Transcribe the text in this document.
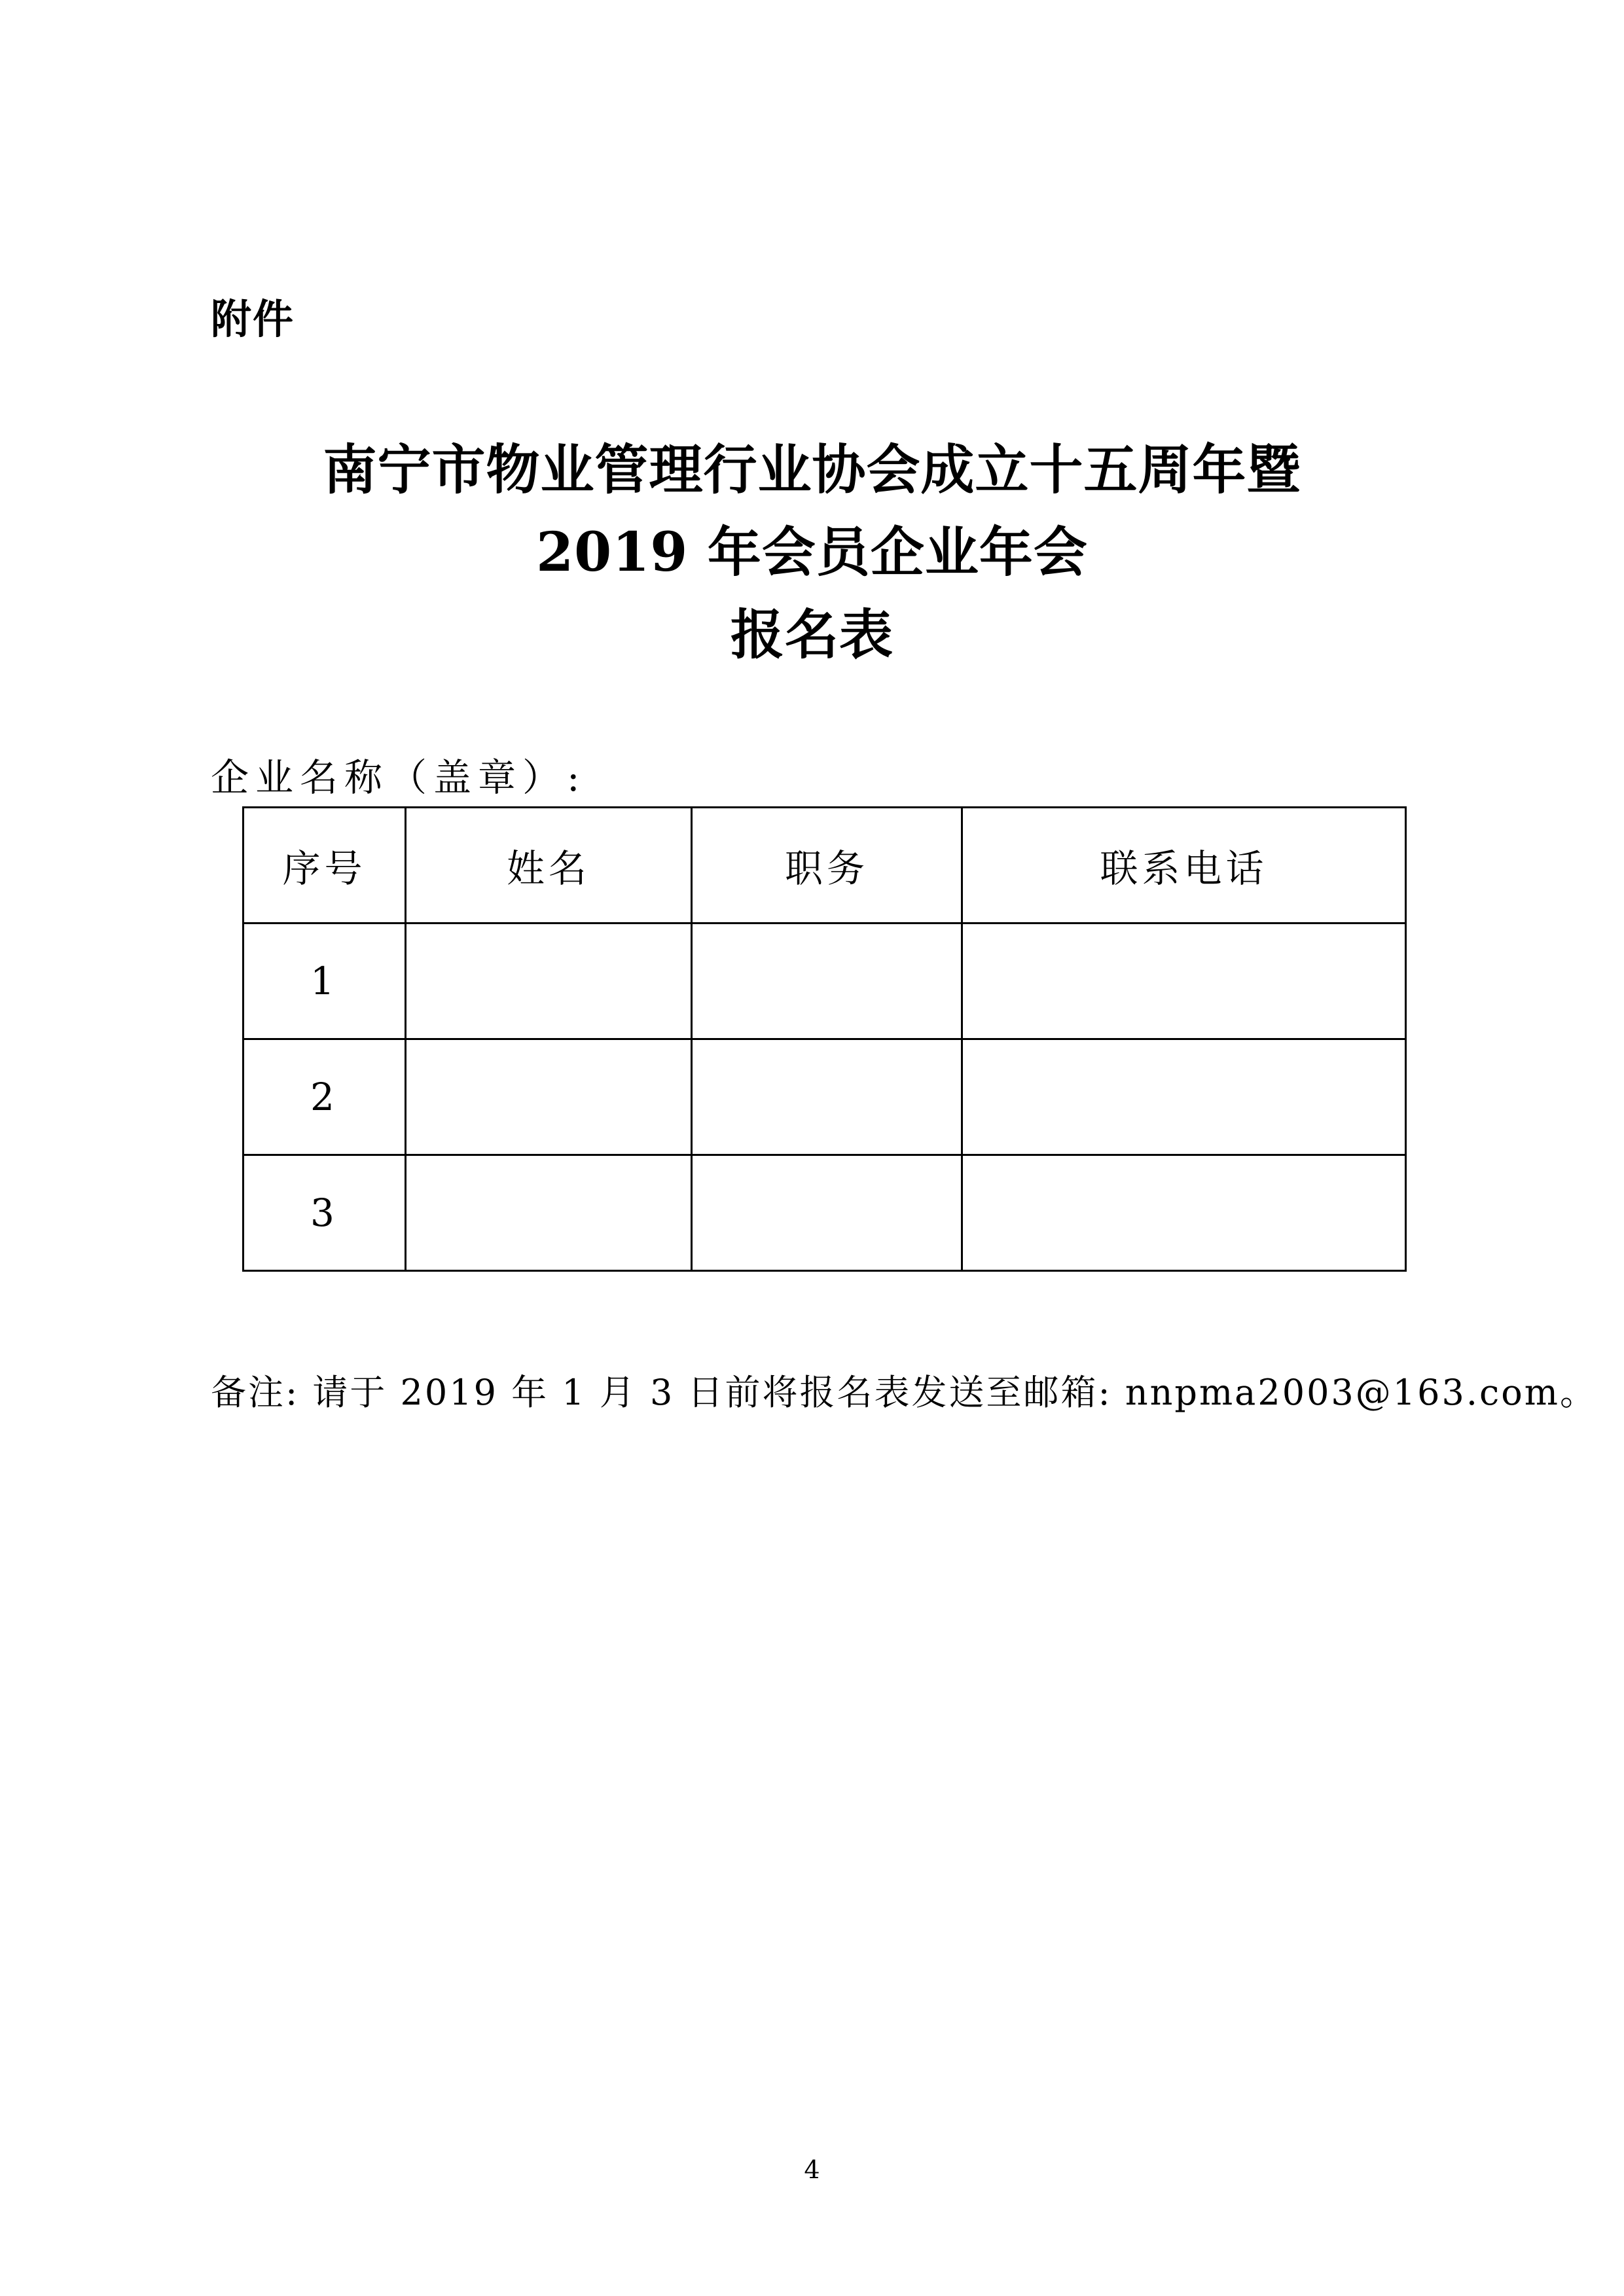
附件
南宁市物业管理行业协会成立十五周年暨
2019 年会员企业年会
报名表
企业名称（盖章）:
序号	姓名	职务	联系电话
1			
2			
3			
备注: 请于 2019 年 1 月 3 日前将报名表发送至邮箱: nnpma2003@163.com。
4
